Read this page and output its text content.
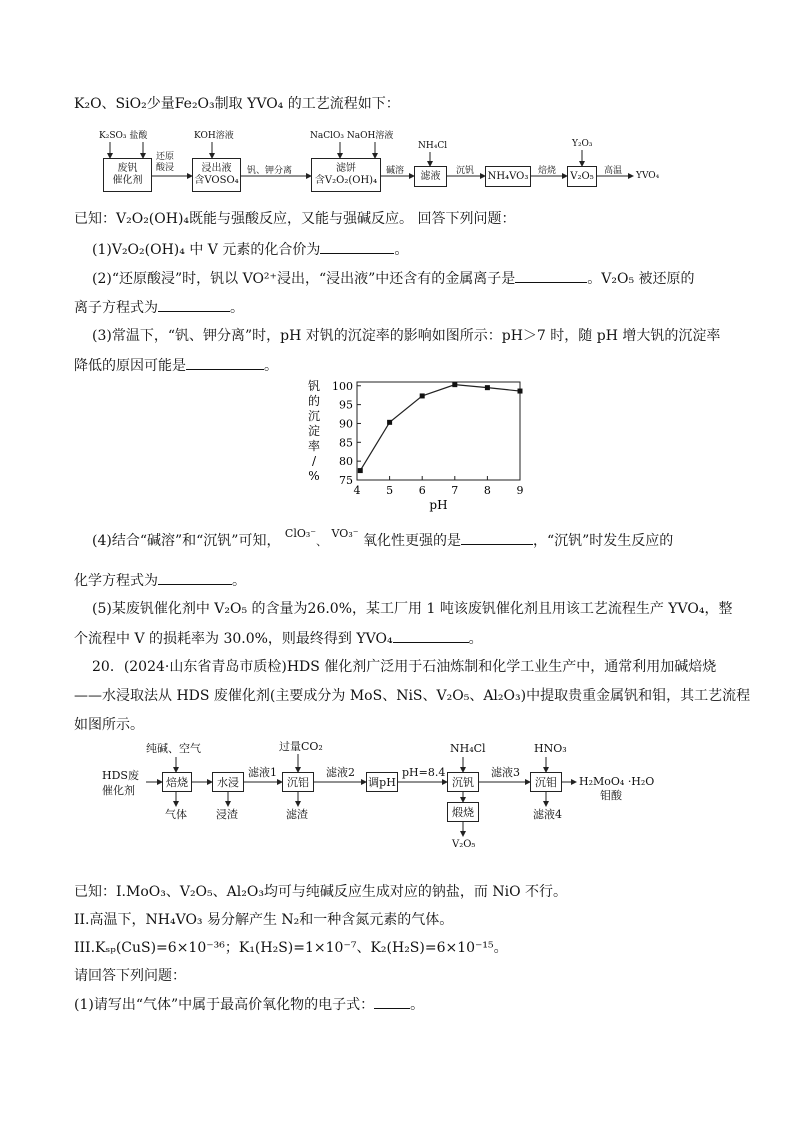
K₂O、SiO₂少量Fe₂O₃制取 YVO₄ 的工艺流程如下：
K₂SO₃ 盐酸
废钒
催化剂
还原
酸浸
KOH溶液
浸出液
含VOSO₄
钒、钾分离
NaClO₃ NaOH溶液
滤饼
含V₂O₂(OH)₄
碱溶
NH₄Cl
滤液	沉钒 NH₄VO₃ 焙烧
Y₂O₃
V₂O₅	高温 YVO₄
已知：V₂O₂(OH)₄既能与强酸反应，又能与强碱反应。 回答下列问题：
(1)V₂O₂(OH)₄ 中 V 元素的化合价为	。
(2)“还原酸浸”时，钒以 VO²⁺浸出，“浸出液”中还含有的金属离子是	。V₂O₅ 被还原的
离子方程式为	。
(3)常温下，“钒、钾分离”时，pH 对钒的沉淀率的影响如图所示：pH＞7 时，随 pH 增大钒的沉淀率
降低的原因可能是	。
4 5 6 7 8 9
75
80
85
90
95
100
pH
钒
的
沉
淀
率
/
%
(4)结合“碱溶”和“沉钒”可知， $^{ClO_3^-}$、 $^{VO_3^-}$ 氧化性更强的是	，“沉钒”时发生反应的
化学方程式为	。
(5)某废钒催化剂中 V₂O₅ 的含量为26.0%，某工厂用 1 吨该废钒催化剂且用该工艺流程生产 YVO₄，整
个流程中 V 的损耗率为 30.0%，则最终得到 YVO₄	。
20．(2024·山东省青岛市质检)HDS 催化剂广泛用于石油炼制和化学工业生产中，通常利用加碱焙烧
——水浸取法从 HDS 废催化剂(主要成分为 MoS、NiS、V₂O₅、Al₂O₃)中提取贵重金属钒和钼，其工艺流程
如图所示。
HDS废
催化剂
纯碱、空气
焙烧
气体
水浸
浸渣
滤液1
过量CO₂
沉铝
滤渣
滤液2
调pH
pH=8.4
NH₄Cl
沉钒
煅烧
V₂O₅
滤液3
HNO₃
沉钼
滤液4
H₂MoO₄ ·H₂O
钼酸
已知：I.MoO₃、V₂O₅、Al₂O₃均可与纯碱反应生成对应的钠盐，而 NiO 不行。
II.高温下，NH₄VO₃ 易分解产生 N₂和一种含氮元素的气体。
III.Kₛₚ(CuS)=6×10⁻³⁶；K₁(H₂S)=1×10⁻⁷、K₂(H₂S)=6×10⁻¹⁵。
请回答下列问题：
(1)请写出“气体”中属于最高价氧化物的电子式：	。
